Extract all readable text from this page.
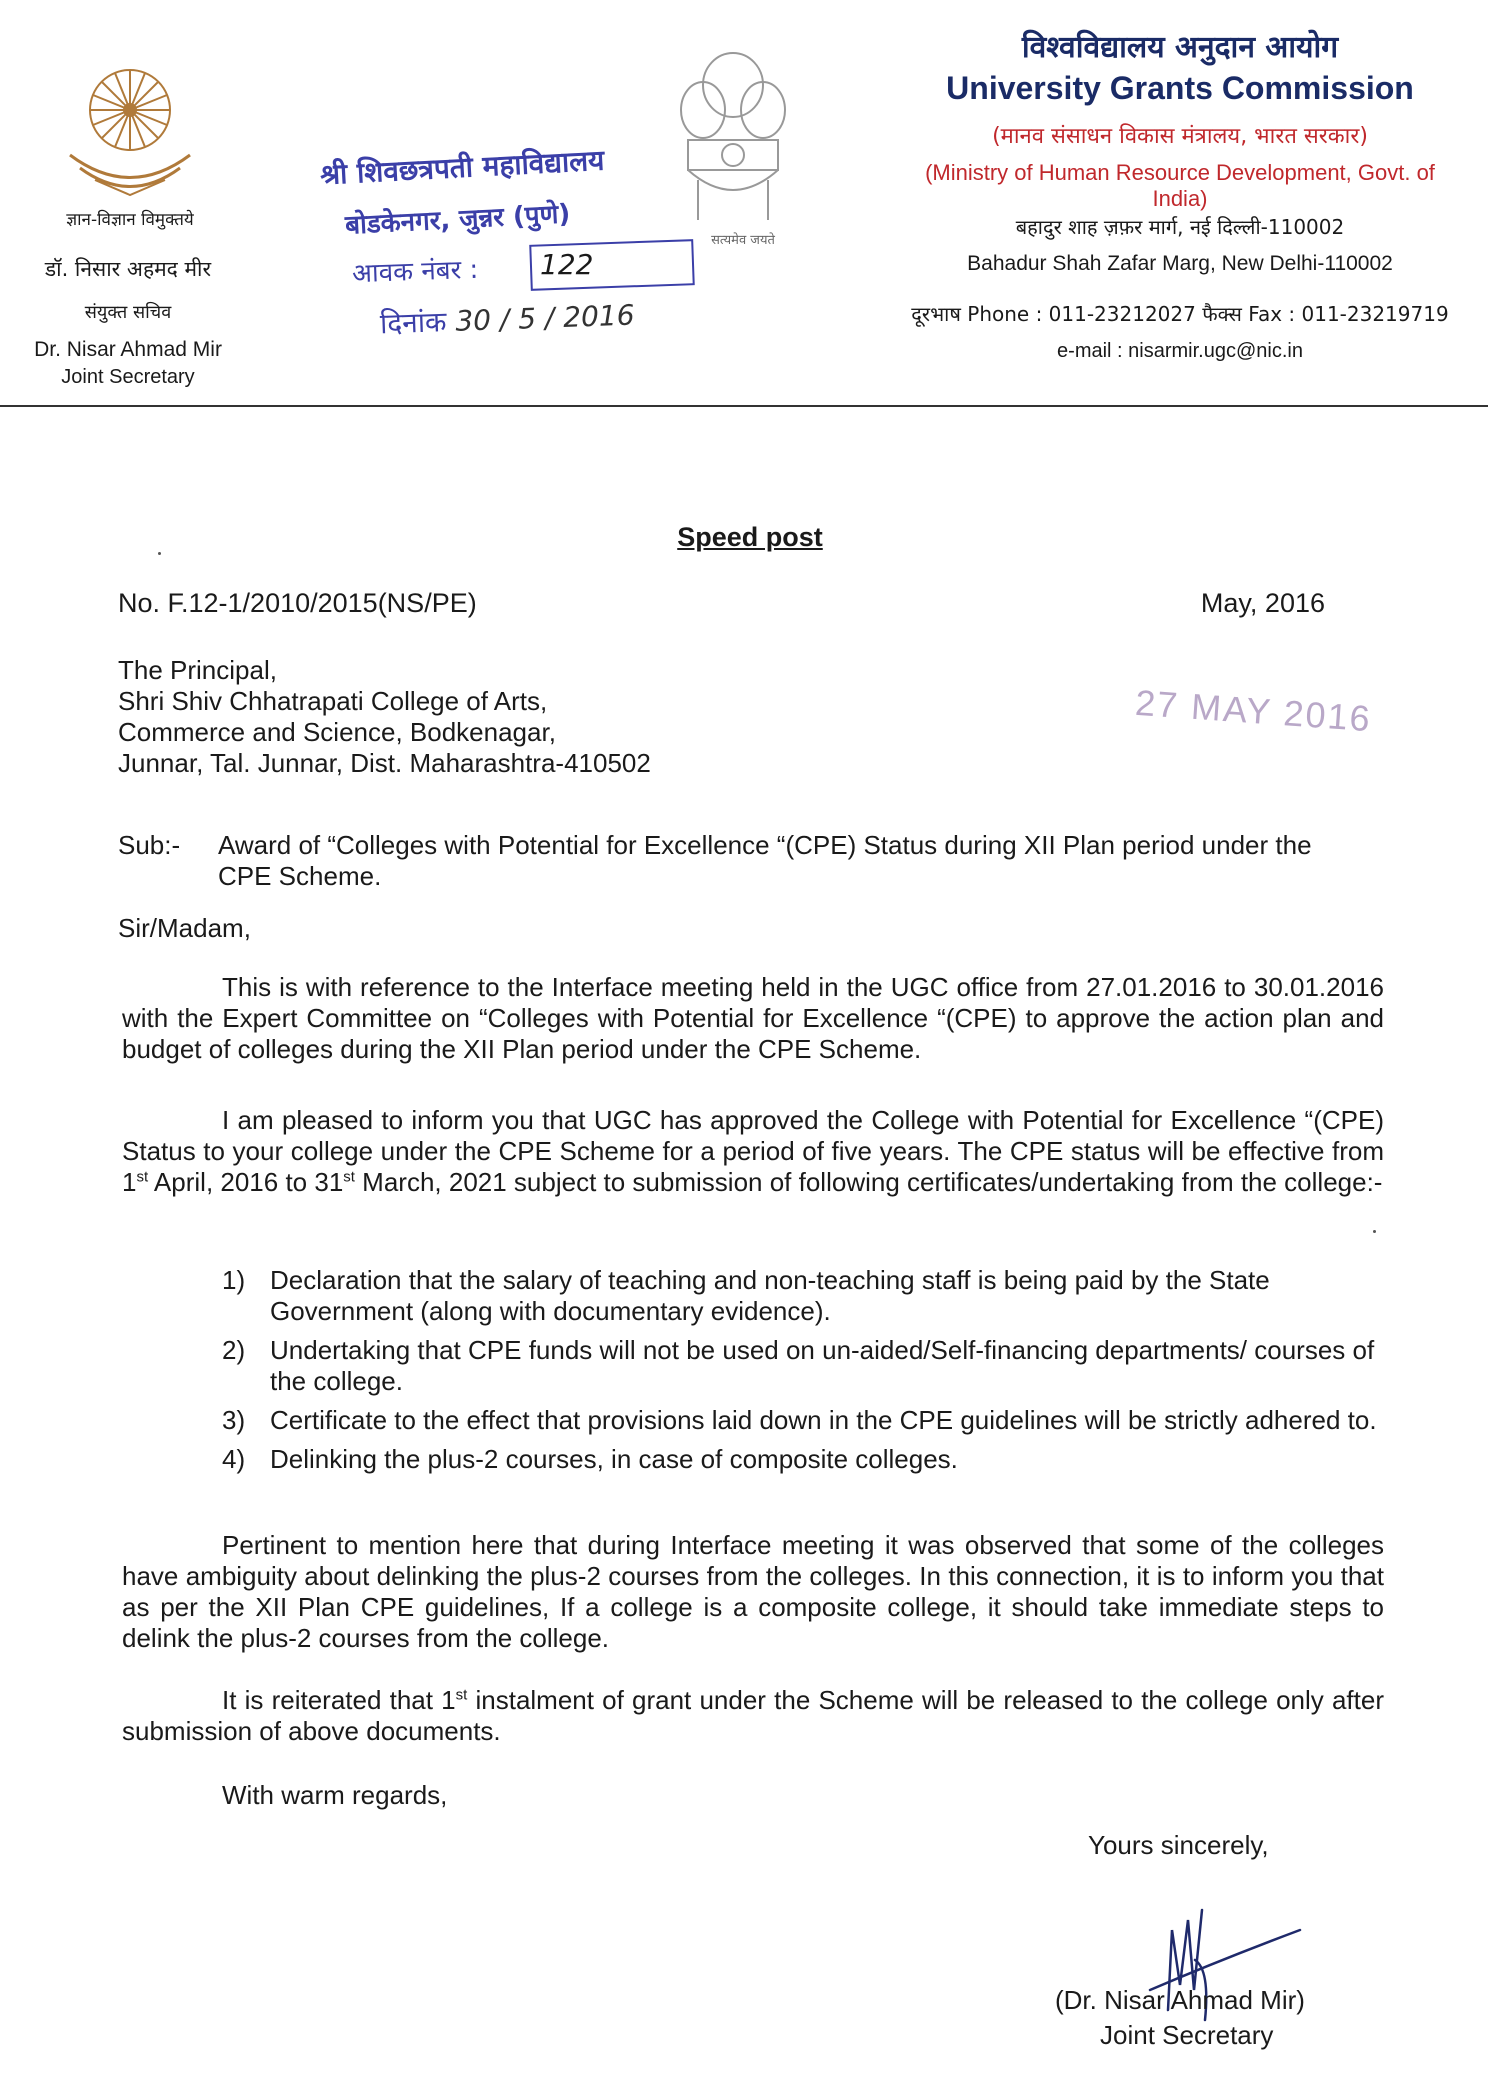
ज्ञान-विज्ञान विमुक्तये
डॉ. निसार अहमद मीर
संयुक्त सचिव
Dr. Nisar Ahmad Mir
Joint Secretary
सत्यमेव जयते
श्री शिवछत्रपती महाविद्यालय
बोडकेनगर, जुन्नर (पुणे)
आवक नंबर : 122
दिनांक 30 / 5 / 2016
विश्वविद्यालय अनुदान आयोग
University Grants Commission
(मानव संसाधन विकास मंत्रालय, भारत सरकार)
(Ministry of Human Resource Development, Govt. of India)
बहादुर शाह ज़फ़र मार्ग, नई दिल्ली-110002
Bahadur Shah Zafar Marg, New Delhi-110002
दूरभाष Phone : 011-23212027 फैक्स Fax : 011-23219719
e-mail : nisarmir.ugc@nic.in
Speed post
No. F.12-1/2010/2015(NS/PE)	May, 2016
The Principal,
Shri Shiv Chhatrapati College of Arts,
Commerce and Science, Bodkenagar,
Junnar, Tal. Junnar, Dist. Maharashtra-410502
27 MAY 2016
Sub:- Award of “Colleges with Potential for Excellence “(CPE) Status during XII Plan period under the CPE Scheme.
Sir/Madam,
This is with reference to the Interface meeting held in the UGC office from 27.01.2016 to 30.01.2016 with the Expert Committee on “Colleges with Potential for Excellence “(CPE) to approve the action plan and budget of colleges during the XII Plan period under the CPE Scheme.
I am pleased to inform you that UGC has approved the College with Potential for Excellence “(CPE) Status to your college under the CPE Scheme for a period of five years. The CPE status will be effective from 1st April, 2016 to 31st March, 2021 subject to submission of following certificates/undertaking from the college:-
1) Declaration that the salary of teaching and non-teaching staff is being paid by the State Government (along with documentary evidence).
2) Undertaking that CPE funds will not be used on un-aided/Self-financing departments/ courses of the college.
3) Certificate to the effect that provisions laid down in the CPE guidelines will be strictly adhered to.
4) Delinking the plus-2 courses, in case of composite colleges.
Pertinent to mention here that during Interface meeting it was observed that some of the colleges have ambiguity about delinking the plus-2 courses from the colleges. In this connection, it is to inform you that as per the XII Plan CPE guidelines, If a college is a composite college, it should take immediate steps to delink the plus-2 courses from the college.
It is reiterated that 1st instalment of grant under the Scheme will be released to the college only after submission of above documents.
With warm regards,
Yours sincerely,
(Dr. Nisar Ahmad Mir)
Joint Secretary
